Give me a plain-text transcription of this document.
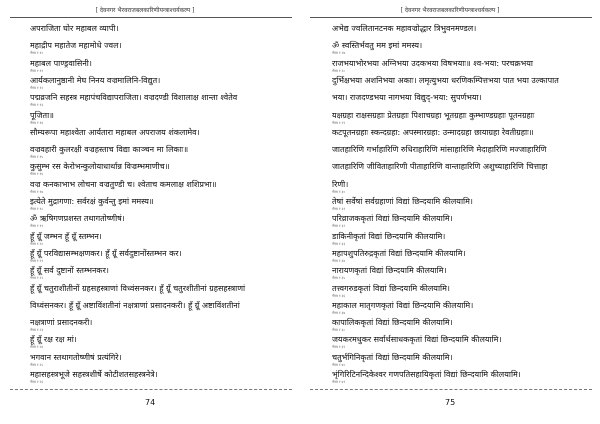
[ देवनगर भैरवराजबलकारिणीयन्त्राश्चर्यकल्प ]
अपराजिता घोर महाबल व्यापी।
महाद्रीप महातेज महामोधे ज्वल।
भैरव र १०
महाबल पाण्ड्रवासिनी।
भैरव र ११
आर्यकलानुष्ठानी मेघ निनय वज्रमालिनि-विद्युत।
भैरव र १२
पद्मव्रजनि सहस्त्र महापंचविद्यापराजिता। वज्रदण्डी विशालाक्ष शान्ता श्वेतेव
भैरव र १३
पूजिता॥
भैरव र १४
सौम्यरूपा महाश्वेता आर्यतारा महाबल अपराजय शंकलामेव।
वज्रवहारी कुलरक्षी वज्रहस्ताच विद्या काञ्चन मा लिकाः॥
भैरव र १५
कुसुम्भ रस केरोभन्कुलोयाधार्थान्न विज्रम्भमाणीच॥
भैरव र १६
वज्र कनकाभाभ लोचना वज्रतुण्डी च। श्वेताच कमलाक्ष शशिप्रभा॥
भैरव र १७
इत्येते मुद्रागणा: सर्वरक्षं कुर्वन्तु इमां ममस्य॥
भैरव र १८
ॐ ऋषिगणप्रशस्त तथागतोष्णीषं।
भैरव र १९
हूँ ग्रूँ जम्भन हूँ ग्रूँ स्तम्भन।
भैरव र २०
हूँ ग्रूँ परविद्यासम्भक्षणकर। हूँ ग्रूँ सर्वदुष्टानोंस्तम्भन कर।
भैरव र २१
हूँ ग्रूँ सर्व दुष्टानों स्तम्भनकर।
भैरव र २२
हूँ ग्रूँ चतुराशीतीनों ग्रहसहस्त्राणां विध्वंसनकर। हूँ ग्रूँ चतुरशीतीनां ग्रहसहस्त्राणां
विध्वंसनकर। हूँ ग्रूँ अष्टाविंशतीनां नक्षत्राणां प्रसादनकरी। हूँ ग्रूँ अष्टाविंशतीनां
नक्षत्राणां प्रसादनकरी।
भैरव र २३
हूँ ग्रूँ रक्ष रक्ष मां।
भैरव र २४
भगवान स्तथागतोष्णीषं प्रत्यंगिरे।
भैरव र २५
महासहस्त्रभूजे सहस्त्रशीर्षे कोटीशतसहस्त्रनेत्रे।
भैरव र २६
74
[ देवनगर भैरवराजबलकारिणीयन्त्राश्चर्यकल्प ]
अभेद्य ज्वलितानटनक महावज्रोद्धार त्रिभुवनमण्डल।
ॐ स्वस्तिर्भवतु मम इमां ममस्य।
भैरव र २७
राजभयाभोरभया अग्निभया उदकभया विषभयाः॥ श्व-भया: परचक्रभया
भैरव र २८
दुर्भिक्षभया अशनिभया अकाः। लमृत्युभया धरणिकम्पित्तभया पात भया उल्कापात
भया। राजदण्डभया नागभया विद्युद्-भया: सुपर्णभया।
यक्षग्रहा राक्षसग्रहाः प्रेतग्रहाः पिशाचग्रहा भूतग्रहाः कुम्भाण्डग्रहाः पूतनग्रहाः
भैरव र २९
कटपूतनग्रहाः स्कन्दग्रहा: अपस्मारग्रहा: उन्मादग्रहा छायाग्रहा रेवतीग्रहाः॥
जातहारिणि गर्भाहारिणि रुधिराहारिणि मांसाहारिणि मेदाहारिणि मज्जाहारिणि
जातहारिणि जीविताहारिणी पीताहारिणि वान्ताहारिणि अशुच्याहारिणि चित्ताहा
रिणी।
भैरव र ३०
तेषां सर्वेषां सर्वग्रहाणां विद्यां छिन्दयामि कीलयामि।
भैरव र ३१
परिव्राजककृतां विद्यां छिन्दयामि कीलयामि।
भैरव र ३२
डाकिनीकृतां विद्यां छिन्दयामि कीलयामि।
भैरव र ३३
महापशुपतिरुद्रकृतां विद्यां छिन्दयामि कीलयामि।
भैरव र ३४
नारायणकृतां विद्यां छिन्दयामि कीलयामि।
भैरव र ३५
तत्त्वगरुडकृतां विद्यां छिन्दयामि कीलयामि।
भैरव र ३६
महाकाल मातृगणकृतां विद्यां छिन्दयामि कीलयामि।
भैरव र ३७
कापालिककृतां विद्यां छिन्दयामि कीलयामि।
भैरव र ३८
जयकरमधुकर सर्वार्थसाधककृतां विद्यां छिन्दयामि कीलयामि।
भैरव र ३९
चतुर्भगिनिकृतां विद्यां छिन्दयामि कीलयामि।
भैरव र ४०
भृंगिरिटिनन्दिकेश्वर गणपतिसहायिकृतां विद्यां छिन्दयामि कीलयामि।
भैरव र ४१
75
